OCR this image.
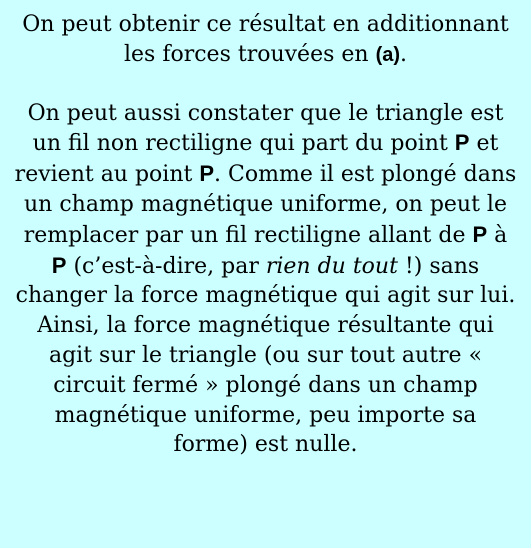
On peut obtenir ce résultat en additionnant les forces trouvées en (a).

On peut aussi constater que le triangle est un fil non rectiligne qui part du point P et revient au point P. Comme il est plongé dans un champ magnétique uniforme, on peut le remplacer par un fil rectiligne allant de P à P (c’est-à-dire, par rien du tout !) sans changer la force magnétique qui agit sur lui. Ainsi, la force magnétique résultante qui agit sur le triangle (ou sur tout autre « circuit fermé » plongé dans un champ magnétique uniforme, peu importe sa forme) est nulle.
